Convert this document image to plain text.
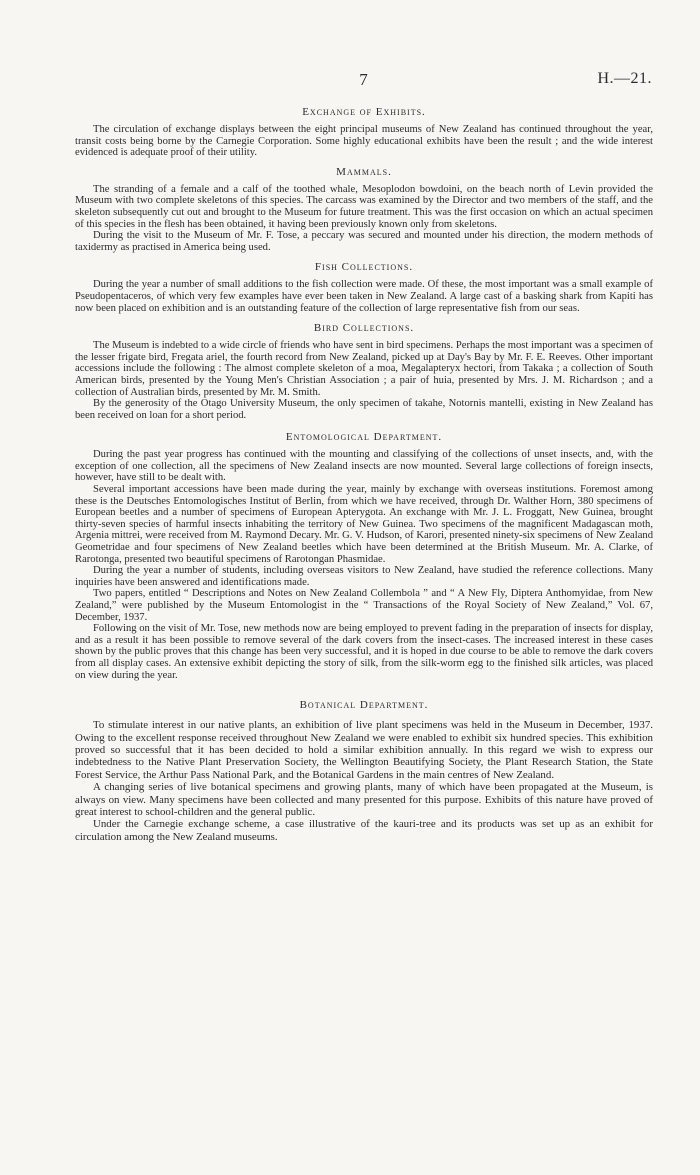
7	H.—21.
Exchange of Exhibits.

The circulation of exchange displays between the eight principal museums of New Zealand has continued throughout the year, transit costs being borne by the Carnegie Corporation. Some highly educational exhibits have been the result ; and the wide interest evidenced is adequate proof of their utility.

Mammals.

The stranding of a female and a calf of the toothed whale, Mesoplodon bowdoini, on the beach north of Levin provided the Museum with two complete skeletons of this species. The carcass was examined by the Director and two members of the staff, and the skeleton subsequently cut out and brought to the Museum for future treatment. This was the first occasion on which an actual specimen of this species in the flesh has been obtained, it having been previously known only from skeletons.

During the visit to the Museum of Mr. F. Tose, a peccary was secured and mounted under his direction, the modern methods of taxidermy as practised in America being used.

Fish Collections.

During the year a number of small additions to the fish collection were made. Of these, the most important was a small example of Pseudopentaceros, of which very few examples have ever been taken in New Zealand. A large cast of a basking shark from Kapiti has now been placed on exhibition and is an outstanding feature of the collection of large representative fish from our seas.

Bird Collections.

The Museum is indebted to a wide circle of friends who have sent in bird specimens. Perhaps the most important was a specimen of the lesser frigate bird, Fregata ariel, the fourth record from New Zealand, picked up at Day's Bay by Mr. F. E. Reeves. Other important accessions include the following : The almost complete skeleton of a moa, Megalapteryx hectori, from Takaka ; a collection of South American birds, presented by the Young Men's Christian Association ; a pair of huia, presented by Mrs. J. M. Richardson ; and a collection of Australian birds, presented by Mr. M. Smith.

By the generosity of the Otago University Museum, the only specimen of takahe, Notornis mantelli, existing in New Zealand has been received on loan for a short period.

Entomological Department.

During the past year progress has continued with the mounting and classifying of the collections of unset insects, and, with the exception of one collection, all the specimens of New Zealand insects are now mounted. Several large collections of foreign insects, however, have still to be dealt with.

Several important accessions have been made during the year, mainly by exchange with overseas institutions. Foremost among these is the Deutsches Entomologisches Institut of Berlin, from which we have received, through Dr. Walther Horn, 380 specimens of European beetles and a number of specimens of European Apterygota. An exchange with Mr. J. L. Froggatt, New Guinea, brought thirty-seven species of harmful insects inhabiting the territory of New Guinea. Two specimens of the magnificent Madagascan moth, Argenia mittrei, were received from M. Raymond Decary. Mr. G. V. Hudson, of Karori, presented ninety-six specimens of New Zealand Geometridae and four specimens of New Zealand beetles which have been determined at the British Museum. Mr. A. Clarke, of Rarotonga, presented two beautiful specimens of Rarotongan Phasmidae.

During the year a number of students, including overseas visitors to New Zealand, have studied the reference collections. Many inquiries have been answered and identifications made.

Two papers, entitled “ Descriptions and Notes on New Zealand Collembola ” and “ A New Fly, Diptera Anthomyidae, from New Zealand,” were published by the Museum Entomologist in the “ Transactions of the Royal Society of New Zealand,” Vol. 67, December, 1937.

Following on the visit of Mr. Tose, new methods now are being employed to prevent fading in the preparation of insects for display, and as a result it has been possible to remove several of the dark covers from the insect-cases. The increased interest in these cases shown by the public proves that this change has been very successful, and it is hoped in due course to be able to remove the dark covers from all display cases. An extensive exhibit depicting the story of silk, from the silk-worm egg to the finished silk articles, was placed on view during the year.

Botanical Department.

To stimulate interest in our native plants, an exhibition of live plant specimens was held in the Museum in December, 1937. Owing to the excellent response received throughout New Zealand we were enabled to exhibit six hundred species. This exhibition proved so successful that it has been decided to hold a similar exhibition annually. In this regard we wish to express our indebtedness to the Native Plant Preservation Society, the Wellington Beautifying Society, the Plant Research Station, the State Forest Service, the Arthur Pass National Park, and the Botanical Gardens in the main centres of New Zealand.

A changing series of live botanical specimens and growing plants, many of which have been propagated at the Museum, is always on view. Many specimens have been collected and many presented for this purpose. Exhibits of this nature have proved of great interest to school-children and the general public.

Under the Carnegie exchange scheme, a case illustrative of the kauri-tree and its products was set up as an exhibit for circulation among the New Zealand museums.
